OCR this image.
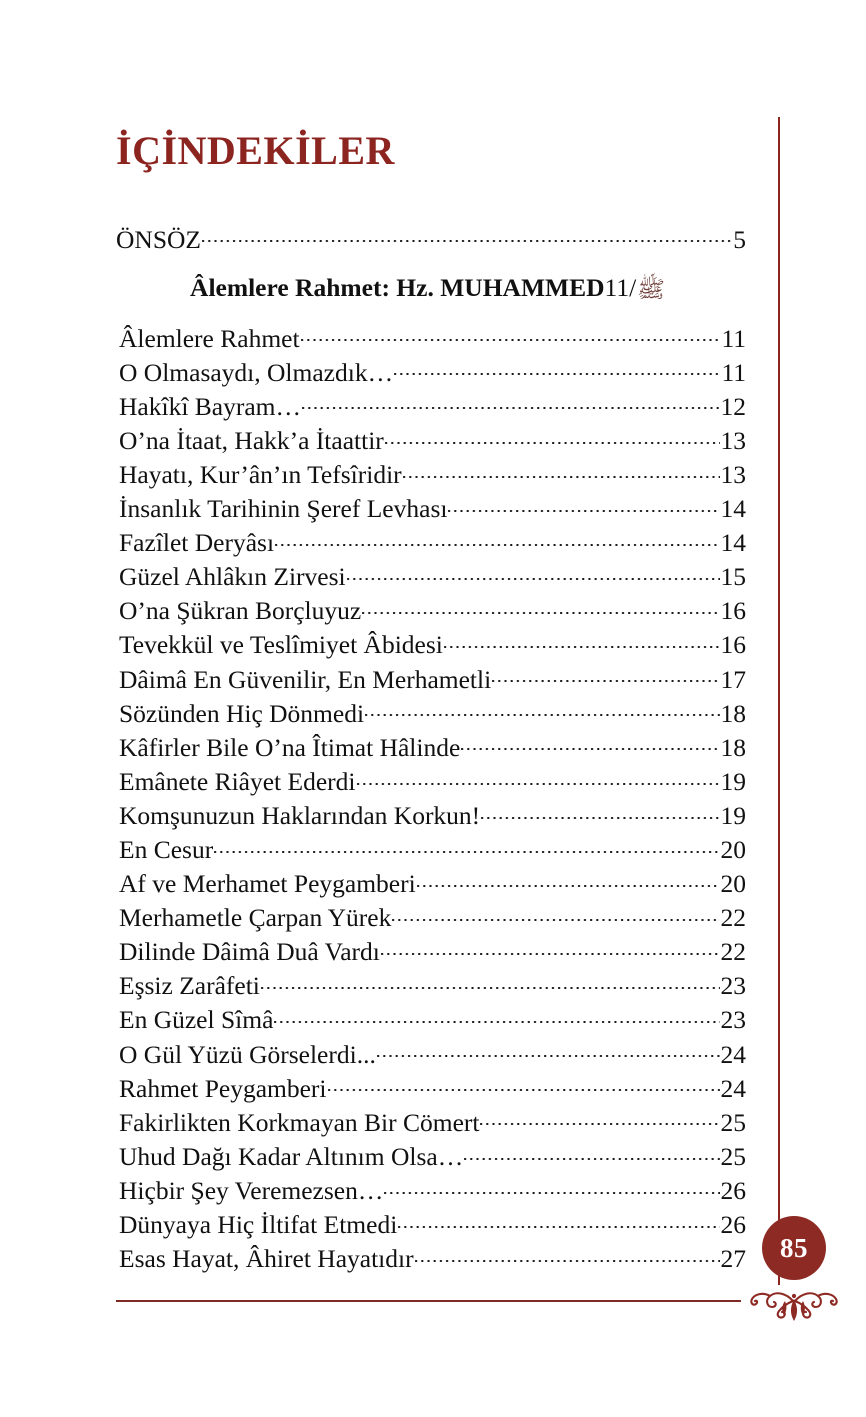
İÇİNDEKİLER
ÖNSÖZ	5
Âlemlere Rahmet: Hz. MUHAMMED ﷺ/11
Âlemlere Rahmet	11
O Olmasaydı, Olmazdık…	11
Hakîkî Bayram…	12
O’na İtaat, Hakk’a İtaattir	13
Hayatı, Kur’ân’ın Tefsîridir	13
İnsanlık Tarihinin Şeref Levhası	14
Fazîlet Deryâsı	14
Güzel Ahlâkın Zirvesi	15
O’na Şükran Borçluyuz	16
Tevekkül ve Teslîmiyet Âbidesi	16
Dâimâ En Güvenilir, En Merhametli	17
Sözünden Hiç Dönmedi	18
Kâfirler Bile O’na Îtimat Hâlinde	18
Emânete Riâyet Ederdi	19
Komşunuzun Haklarından Korkun!	19
En Cesur	20
Af ve Merhamet Peygamberi	20
Merhametle Çarpan Yürek	22
Dilinde Dâimâ Duâ Vardı	22
Eşsiz Zarâfeti	23
En Güzel Sîmâ	23
O Gül Yüzü Görselerdi...	24
Rahmet Peygamberi	24
Fakirlikten Korkmayan Bir Cömert	25
Uhud Dağı Kadar Altınım Olsa…	25
Hiçbir Şey Veremezsen…	26
Dünyaya Hiç İltifat Etmedi	26
Esas Hayat, Âhiret Hayatıdır	27	85
